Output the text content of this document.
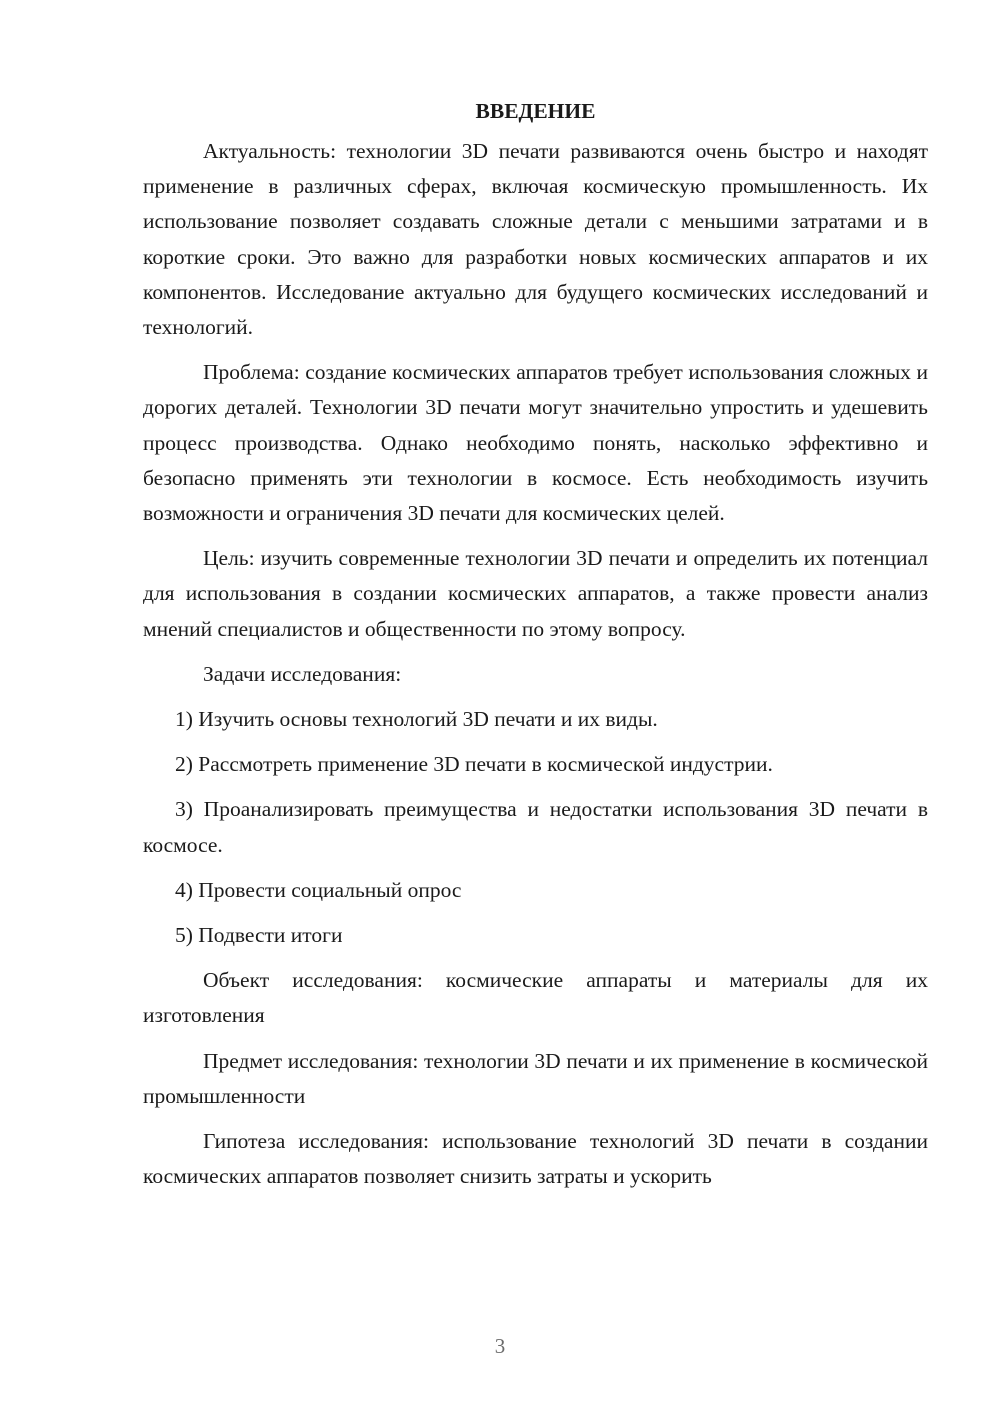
ВВЕДЕНИЕ
Актуальность: технологии 3D печати развиваются очень быстро и находят применение в различных сферах, включая космическую промышленность. Их использование позволяет создавать сложные детали с меньшими затратами и в короткие сроки. Это важно для разработки новых космических аппаратов и их компонентов. Исследование актуально для будущего космических исследований и технологий.
Проблема: создание космических аппаратов требует использования сложных и дорогих деталей. Технологии 3D печати могут значительно упростить и удешевить процесс производства. Однако необходимо понять, насколько эффективно и безопасно применять эти технологии в космосе. Есть необходимость изучить возможности и ограничения 3D печати для космических целей.
Цель: изучить современные технологии 3D печати и определить их потенциал для использования в создании космических аппаратов, а также провести анализ мнений специалистов и общественности по этому вопросу.
Задачи исследования:
1) Изучить основы технологий 3D печати и их виды.
2) Рассмотреть применение 3D печати в космической индустрии.
3) Проанализировать преимущества и недостатки использования 3D печати в космосе.
4) Провести социальный опрос
5) Подвести итоги
Объект исследования: космические аппараты и материалы для их изготовления
Предмет исследования: технологии 3D печати и их применение в космической промышленности
Гипотеза исследования: использование технологий 3D печати в создании космических аппаратов позволяет снизить затраты и ускорить
3
